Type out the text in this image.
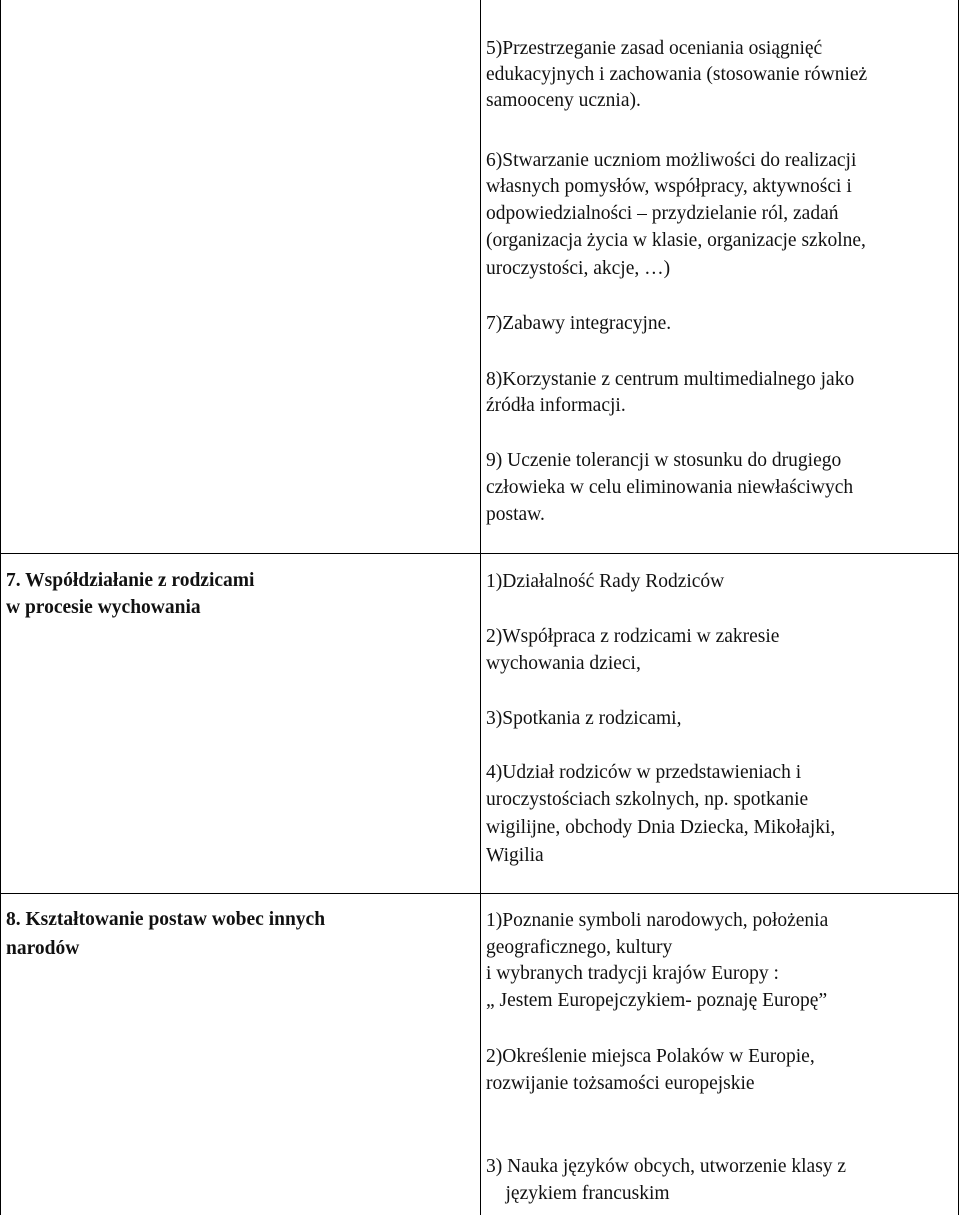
5)Przestrzeganie zasad oceniania osiągnięć
edukacyjnych i zachowania (stosowanie również
samooceny ucznia).
6)Stwarzanie uczniom możliwości do realizacji
własnych pomysłów, współpracy, aktywności i
odpowiedzialności – przydzielanie ról, zadań
(organizacja życia w klasie, organizacje szkolne,
uroczystości, akcje, …)
7)Zabawy integracyjne.
8)Korzystanie z centrum multimedialnego jako
źródła informacji.
9) Uczenie tolerancji w stosunku do drugiego
człowieka w celu eliminowania niewłaściwych
postaw.
7. Współdziałanie z rodzicami
w procesie wychowania
1)Działalność Rady Rodziców
2)Współpraca z rodzicami w zakresie
wychowania dzieci,
3)Spotkania z rodzicami,
4)Udział rodziców w przedstawieniach i
uroczystościach szkolnych, np. spotkanie
wigilijne, obchody Dnia Dziecka, Mikołajki,
Wigilia
8. Kształtowanie postaw wobec innych
narodów
1)Poznanie symboli narodowych, położenia
geograficznego, kultury
i wybranych tradycji krajów Europy :
„ Jestem Europejczykiem- poznaję Europę”
2)Określenie miejsca Polaków w Europie,
rozwijanie tożsamości europejskie
3) Nauka języków obcych, utworzenie klasy z
językiem francuskim
